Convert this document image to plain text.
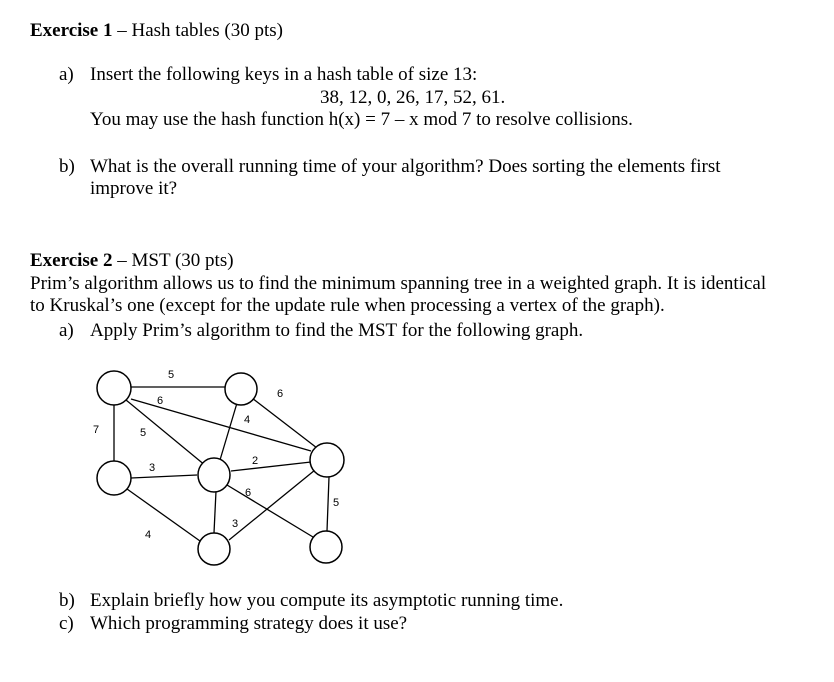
Exercise 1 – Hash tables (30 pts)
a) Insert the following keys in a hash table of size 13:
38, 12, 0, 26, 17, 52, 61.
You may use the hash function h(x) = 7 – x mod 7 to resolve collisions.
b) What is the overall running time of your algorithm? Does sorting the elements first
improve it?
Exercise 2 – MST (30 pts)
Prim’s algorithm allows us to find the minimum spanning tree in a weighted graph. It is identical
to Kruskal’s one (except for the update rule when processing a vertex of the graph).
a) Apply Prim’s algorithm to find the MST for the following graph.
5
6
7	5
3
4
4
2
6
6
3
5
b) Explain briefly how you compute its asymptotic running time.
c) Which programming strategy does it use?
